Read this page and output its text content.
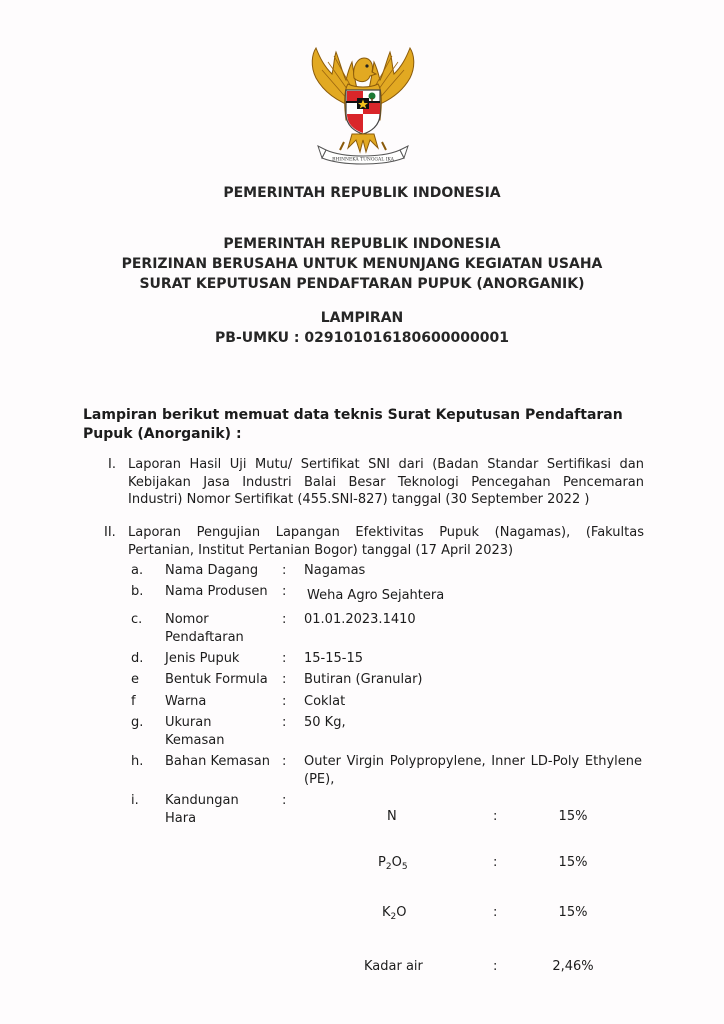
BHINNEKA TUNGGAL IKA
PEMERINTAH REPUBLIK INDONESIA
PEMERINTAH REPUBLIK INDONESIA
PERIZINAN BERUSAHA UNTUK MENUNJANG KEGIATAN USAHA
SURAT KEPUTUSAN PENDAFTARAN PUPUK (ANORGANIK)
LAMPIRAN
PB-UMKU : 029101016180600000001
Lampiran berikut memuat data teknis Surat Keputusan Pendaftaran
Pupuk (Anorganik) :
I. Laporan Hasil Uji Mutu/ Sertifikat SNI dari (Badan Standar Sertifikasi dan Kebijakan Jasa Industri Balai Besar Teknologi Pencegahan Pencemaran Industri) Nomor Sertifikat (455.SNI-827) tanggal (30 September 2022 )
II. Laporan Pengujian Lapangan Efektivitas Pupuk (Nagamas), (Fakultas Pertanian, Institut Pertanian Bogor) tanggal (17 April 2023)
a. Nama Dagang	: Nagamas
b. Nama Produsen	: Weha Agro Sejahtera
c. Nomor Pendaftaran
: 01.01.2023.1410
d. Jenis Pupuk	: 15-15-15
e Bentuk Formula	: Butiran (Granular)
f Warna	: Coklat
g. Ukuran Kemasan
: 50 Kg,
h. Bahan Kemasan : Outer Virgin Polypropylene, Inner LD-Poly Ethylene (PE),
i. Kandungan Hara
:
N	:	15%
$P_2O_5$	:	15%
$K_2O$	:	15%
Kadar air	:	2,46%
